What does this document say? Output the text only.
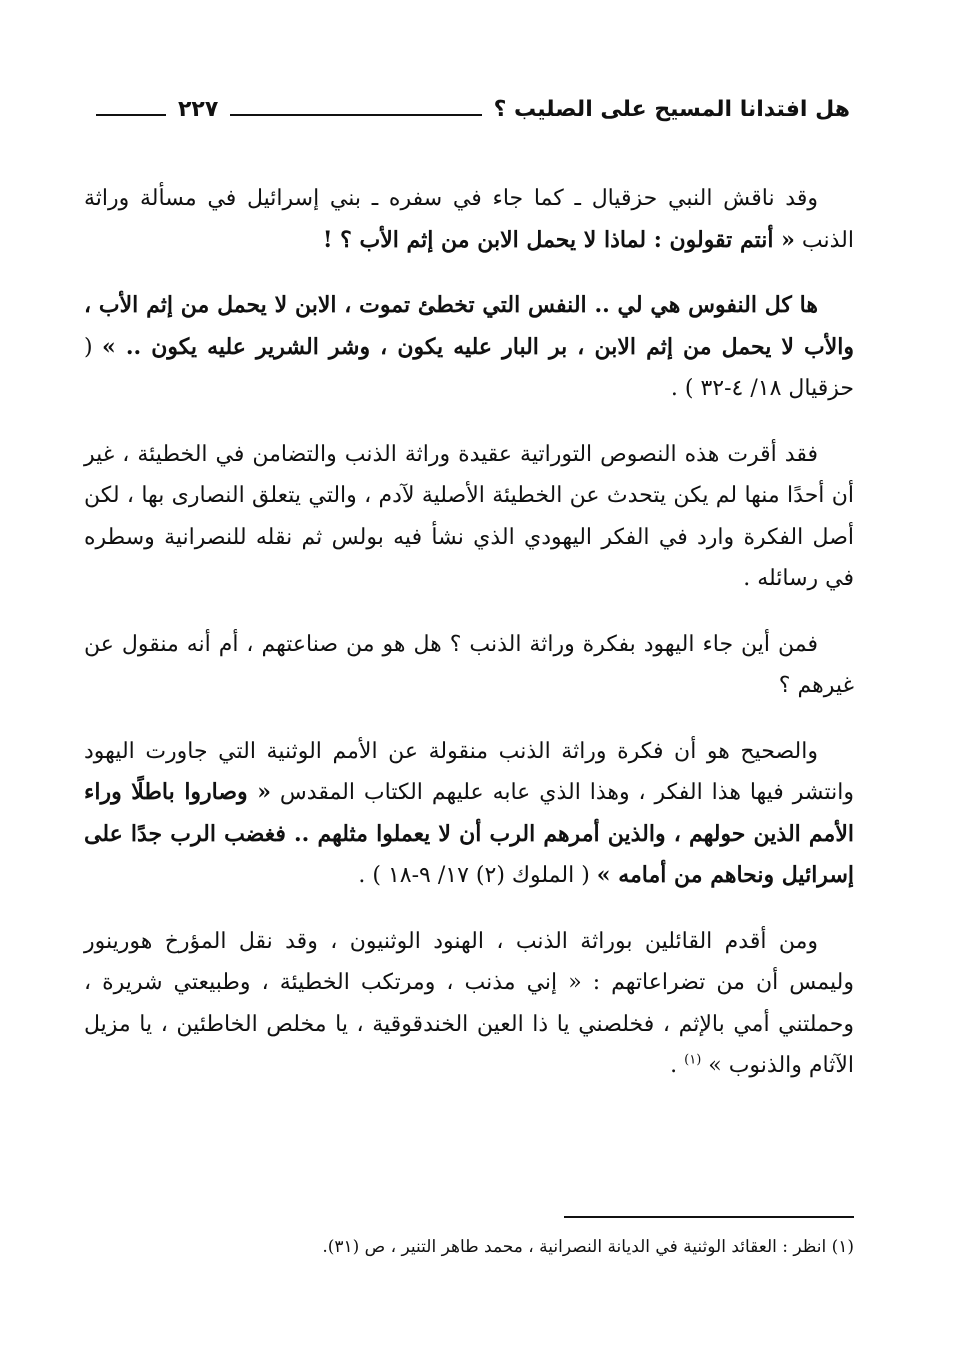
هل افتدانا المسيح على الصليب ؟
٢٢٧

وقد ناقش النبي حزقيال ـ كما جاء في سفره ـ بني إسرائيل في مسألة وراثة الذنب « أنتم تقولون : لماذا لا يحمل الابن من إثم الأب ؟ !

ها كل النفوس هي لي .. النفس التي تخطئ تموت ، الابن لا يحمل من إثم الأب ، والأب لا يحمل من إثم الابن ، بر البار عليه يكون ، وشر الشرير عليه يكون .. » ( حزقيال ١٨/ ٤-٣٢ ) .

فقد أقرت هذه النصوص التوراتية عقيدة وراثة الذنب والتضامن في الخطيئة ، غير أن أحدًا منها لم يكن يتحدث عن الخطيئة الأصلية لآدم ، والتي يتعلق النصارى بها ، لكن أصل الفكرة وارد في الفكر اليهودي الذي نشأ فيه بولس ثم نقله للنصرانية وسطره في رسائله .

فمن أين جاء اليهود بفكرة وراثة الذنب ؟ هل هو من صناعتهم ، أم أنه منقول عن غيرهم ؟

والصحيح هو أن فكرة وراثة الذنب منقولة عن الأمم الوثنية التي جاورت اليهود وانتشر فيها هذا الفكر ، وهذا الذي عابه عليهم الكتاب المقدس « وصاروا باطلًا وراء الأمم الذين حولهم ، والذين أمرهم الرب أن لا يعملوا مثلهم .. فغضب الرب جدًا على إسرائيل ونحاهم من أمامه » ( الملوك (٢) ١٧/ ٩-١٨ ) .

ومن أقدم القائلين بوراثة الذنب ، الهنود الوثنيون ، وقد نقل المؤرخ هورينور وليمس أن من تضراعاتهم : « إني مذنب ، ومرتكب الخطيئة ، وطبيعتي شريرة ، وحملتني أمي بالإثم ، فخلصني يا ذا العين الخندقوقية ، يا مخلص الخاطئين ، يا مزيل الآثام والذنوب » $^{(١)}$ .

(١) انظر : العقائد الوثنية في الديانة النصرانية ، محمد طاهر التنير ، ص (٣١).
